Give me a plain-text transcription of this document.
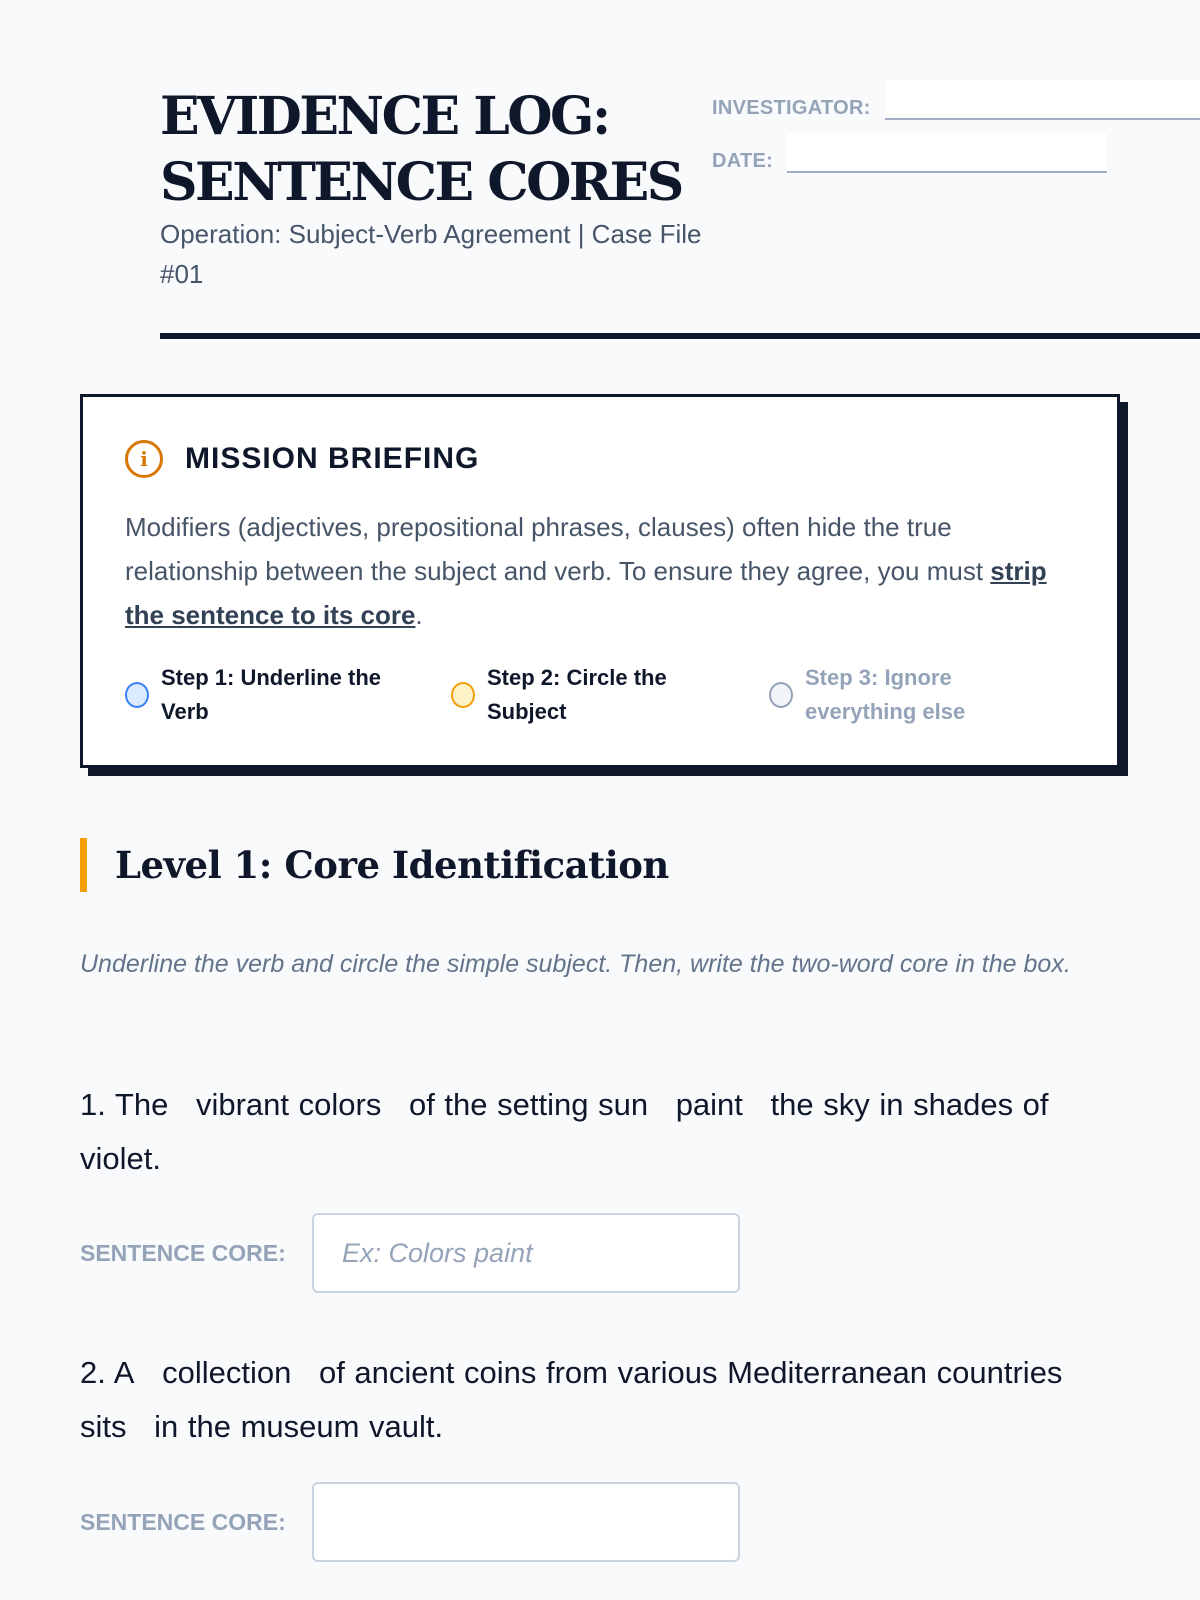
EVIDENCE LOG: SENTENCE CORES
Operation: Subject-Verb Agreement | Case File #01
INVESTIGATOR:
DATE:
i	MISSION BRIEFING

Modifiers (adjectives, prepositional phrases, clauses) often hide the true relationship between the subject and verb. To ensure they agree, you must strip the sentence to its core.

Step 1: Underline the Verb
Step 2: Circle the Subject
Step 3: Ignore everything else
Level 1: Core Identification

Underline the verb and circle the simple subject. Then, write the two-word core in the box.

1. The vibrant colors of the setting sun paint the sky in shades of violet.

SENTENCE CORE:
Ex: Colors paint

2. A collection of ancient coins from various Mediterranean countries sits in the museum vault.

SENTENCE CORE:
